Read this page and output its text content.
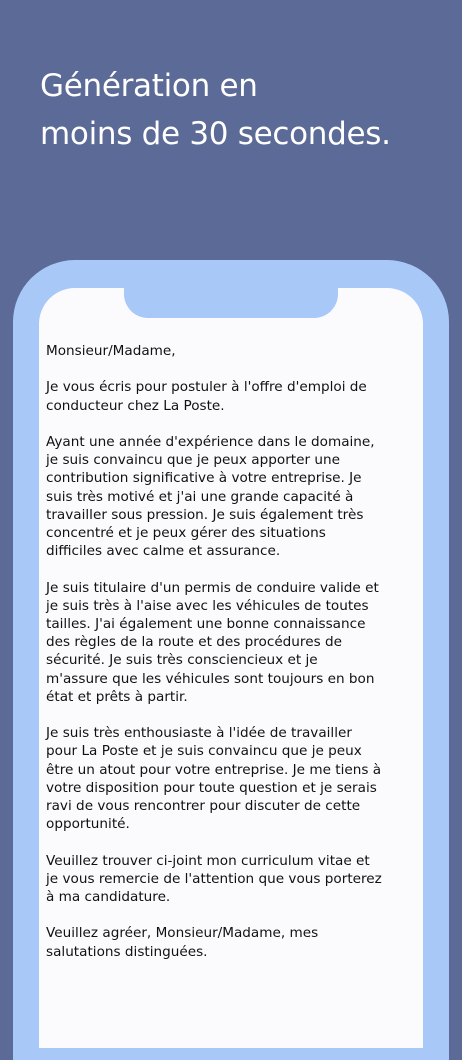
Génération en
moins de 30 secondes.

Monsieur/Madame,

Je vous écris pour postuler à l'offre d'emploi de
conducteur chez La Poste.

Ayant une année d'expérience dans le domaine,
je suis convaincu que je peux apporter une
contribution significative à votre entreprise. Je
suis très motivé et j'ai une grande capacité à
travailler sous pression. Je suis également très
concentré et je peux gérer des situations
difficiles avec calme et assurance.

Je suis titulaire d'un permis de conduire valide et
je suis très à l'aise avec les véhicules de toutes
tailles. J'ai également une bonne connaissance
des règles de la route et des procédures de
sécurité. Je suis très consciencieux et je
m'assure que les véhicules sont toujours en bon
état et prêts à partir.

Je suis très enthousiaste à l'idée de travailler
pour La Poste et je suis convaincu que je peux
être un atout pour votre entreprise. Je me tiens à
votre disposition pour toute question et je serais
ravi de vous rencontrer pour discuter de cette
opportunité.

Veuillez trouver ci-joint mon curriculum vitae et
je vous remercie de l'attention que vous porterez
à ma candidature.

Veuillez agréer, Monsieur/Madame, mes
salutations distinguées.
